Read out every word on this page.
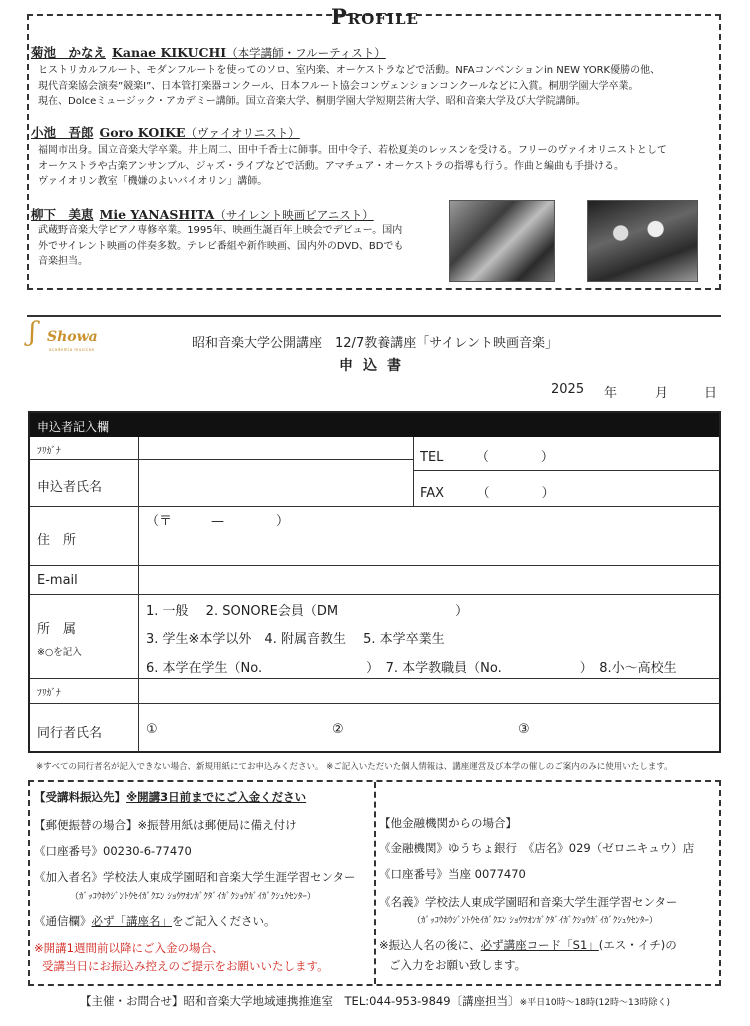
Profile
菊池　かなえ Kanae KIKUCHI（本学講師・フルーティスト）
ヒストリカルフルート、モダンフルートを使ってのソロ、室内楽、オーケストラなどで活動。NFAコンベンションin NEW YORK優勝の他、
現代音楽協会演奏”競楽Ⅰ”、日本管打楽器コンクール、日本フルート協会コンヴェンションコンクールなどに入賞。桐朋学園大学卒業。
現在、Dolceミュージック・アカデミー講師。国立音楽大学、桐朋学園大学短期芸術大学、昭和音楽大学及び大学院講師。
小池　吾郎 Goro KOIKE（ヴァイオリニスト）
福岡市出身。国立音楽大学卒業。井上周二、田中千香士に師事。田中令子、若松夏美のレッスンを受ける。フリーのヴァイオリニストとして
オーケストラや古楽アンサンブル、ジャズ・ライブなどで活動。アマチュア・オーケストラの指導も行う。作曲と編曲も手掛ける。
ヴァイオリン教室「機嫌のよいバイオリン」講師。
柳下　美恵 Mie YANASHITA（サイレント映画ピアニスト）
武蔵野音楽大学ピアノ専修卒業。1995年、映画生誕百年上映会でデビュー。国内
外でサイレント映画の伴奏多数。テレビ番組や新作映画、国内外のDVD、BDでも
音楽担当。
ʃ Showa
academia musicae	昭和音楽大学公開講座　12/7教養講座「サイレント映画音楽」
申込書
2025 年	月	日
申込者記入欄
ﾌﾘｶﾞﾅ
申込者氏名
TEL　　　（　　　　）
FAX　　　（　　　　）
住　所
（〒　　　—　　　　）
E-mail
所　属
※○を記入
1. 一般　 2. SONORE会員（DM　　　　　　　　　）
3. 学生※本学以外　4. 附属音教生　 5. 本学卒業生
6. 本学在学生（No.　　　　　　　　）　7. 本学教職員（No.　　　　　　）　8.小～高校生
ﾌﾘｶﾞﾅ
同行者氏名	①	②	③
※すべての同行者名が記入できない場合、新規用紙にてお申込みください。 ※ご記入いただいた個人情報は、講座運営及び本学の催しのご案内のみに使用いたします。
【受講料振込先】※開講3日前までにご入金ください
【郵便振替の場合】※振替用紙は郵便局に備え付け
《口座番号》00230-6-77470
《加入者名》学校法人東成学園昭和音楽大学生涯学習センター
（ｶﾞｯｺｳﾎｳｼﾞﾝﾄｳｾｲｶﾞｸｴﾝ ｼｮｳﾜｵﾝｶﾞｸﾀﾞｲｶﾞｸｼｮｳｶﾞｲｶﾞｸｼｭｳｾﾝﾀｰ）
《通信欄》必ず「講座名」をご記入ください。
※開講1週間前以降にご入金の場合、
受講当日にお振込み控えのご提示をお願いいたします。
【他金融機関からの場合】
《金融機関》ゆうちょ銀行　《店名》029（ゼロニキュウ）店
《口座番号》当座 0077470
《名義》学校法人東成学園昭和音楽大学生涯学習センター
（ｶﾞｯｺｳﾎｳｼﾞﾝﾄｳｾｲｶﾞｸｴﾝ ｼｮｳﾜｵﾝｶﾞｸﾀﾞｲｶﾞｸｼｮｳｶﾞｲｶﾞｸｼｭｳｾﾝﾀｰ）
※振込人名の後に、必ず講座コード「S1」(エス・イチ)の
ご入力をお願い致します。
【主催・お問合せ】昭和音楽大学地域連携推進室　TEL:044-953-9849〔講座担当〕※平日10時～18時(12時～13時除く)
